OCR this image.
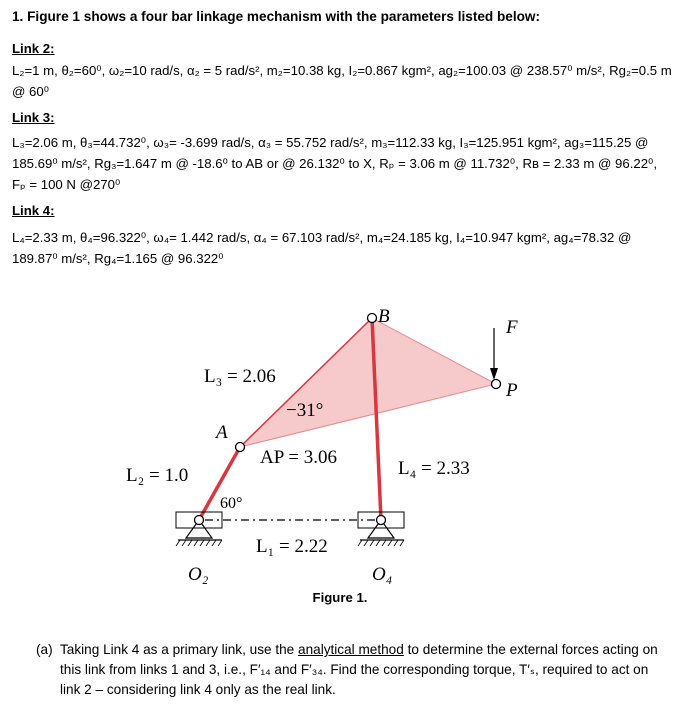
1. Figure 1 shows a four bar linkage mechanism with the parameters listed below:
Link 2:
L₂=1 m, θ₂=60⁰, ω₂=10 rad/s, α₂ = 5 rad/s², m₂=10.38 kg, I₂=0.867 kgm², aɡ₂=100.03 @ 238.57⁰ m/s², Rɡ₂=0.5 m @ 60⁰
Link 3:
L₃=2.06 m, θ₃=44.732⁰, ω₃= -3.699 rad/s, α₃ = 55.752 rad/s², m₃=112.33 kg, I₃=125.951 kgm², aɡ₃=115.25 @ 185.69⁰ m/s², Rɡ₃=1.647 m @ -18.6⁰ to AB or @ 26.132⁰ to X, Rₚ = 3.06 m @ 11.732⁰, Rʙ = 2.33 m @ 96.22⁰, Fₚ = 100 N @270⁰
Link 4:
L₄=2.33 m, θ₄=96.322⁰, ω₄= 1.442 rad/s, α₄ = 67.103 rad/s², m₄=24.185 kg, I₄=10.947 kgm², aɡ₄=78.32 @ 189.87⁰ m/s², Rɡ₄=1.165 @ 96.322⁰
B
F
P
A
L₃ = 2.06
−31°
AP = 3.06
L₄ = 2.33
L₂ = 1.0
60°
L₁ = 2.22
O₂	O₄
Figure 1.
(a) Taking Link 4 as a primary link, use the analytical method to determine the external forces acting on this link from links 1 and 3, i.e., F′₁₄ and F′₃₄. Find the corresponding torque, T′ₛ, required to act on link 2 – considering link 4 only as the real link.
